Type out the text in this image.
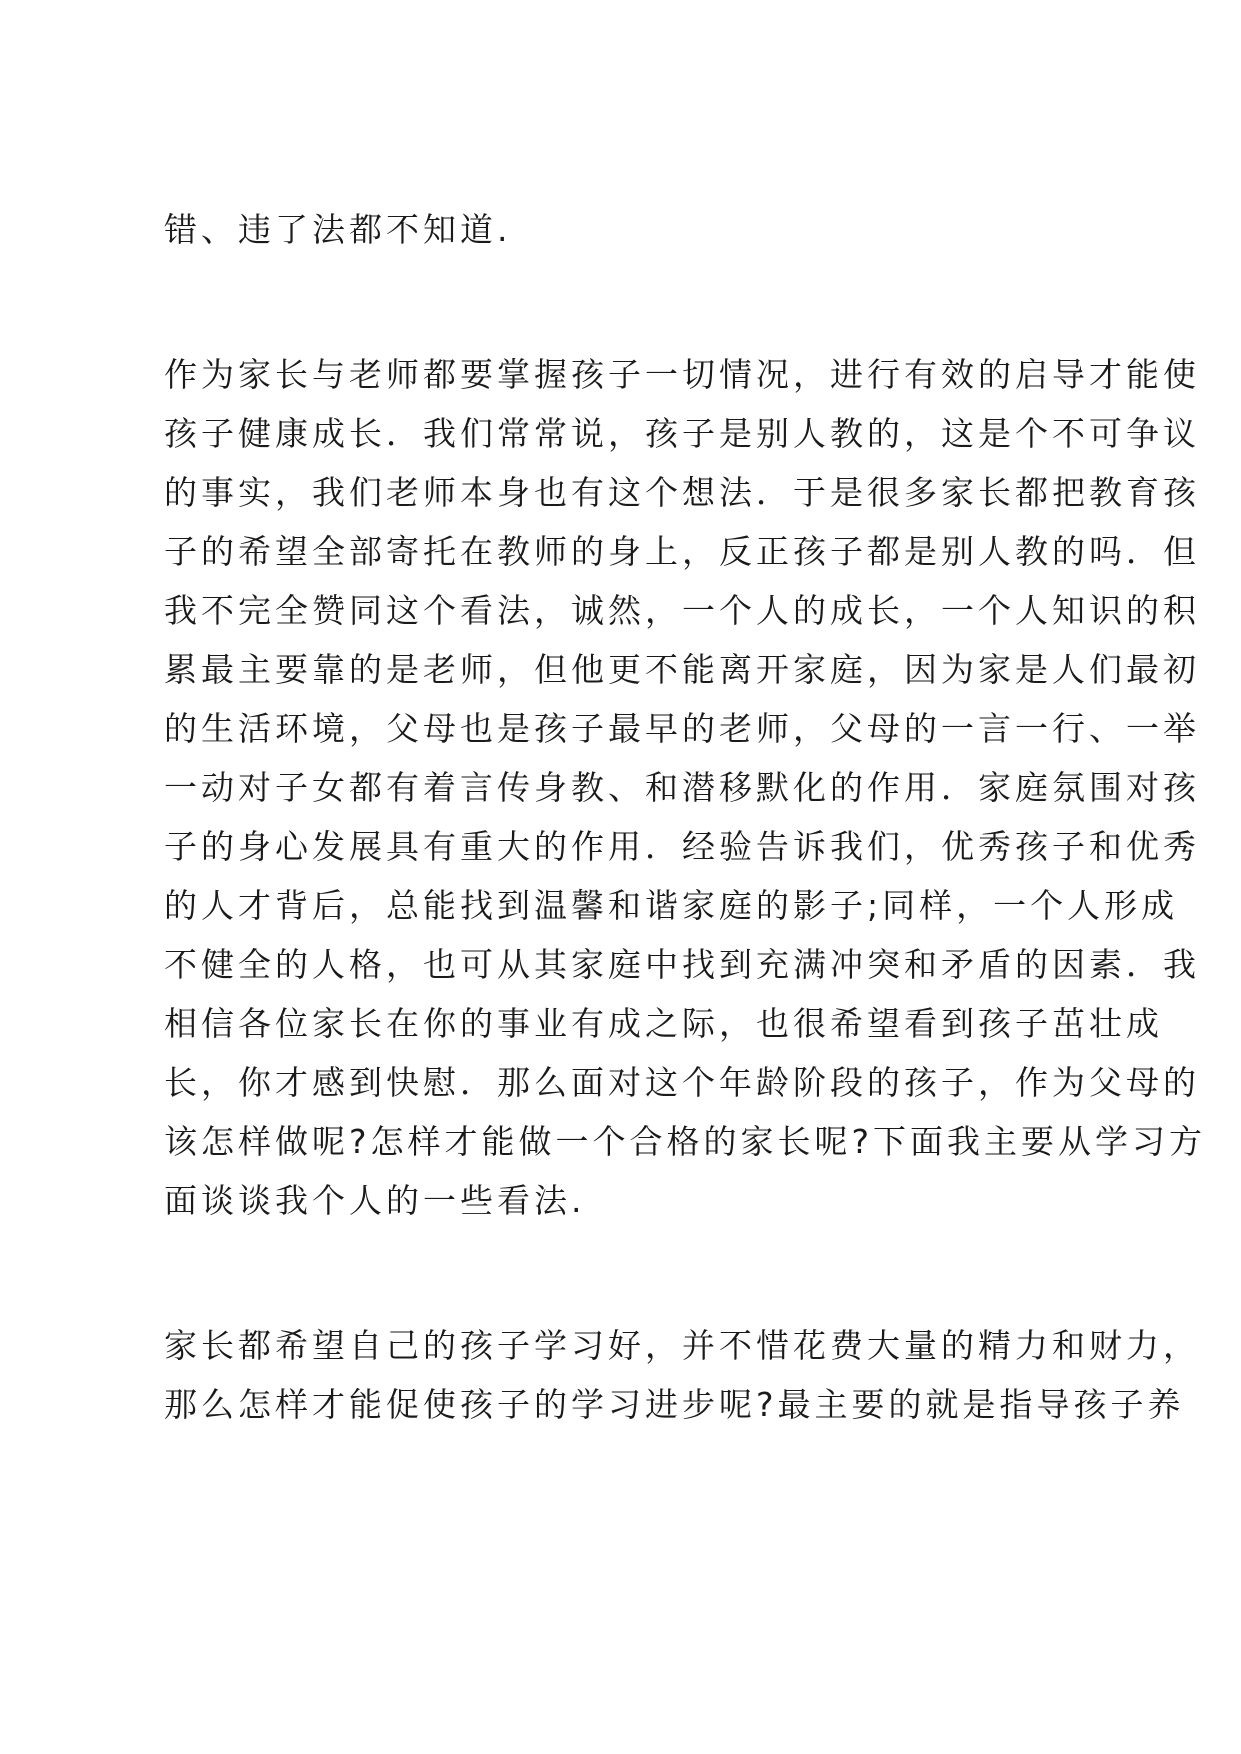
错、违了法都不知道.

作为家长与老师都要掌握孩子一切情况，进行有效的启导才能使

孩子健康成长．我们常常说，孩子是别人教的，这是个不可争议

的事实，我们老师本身也有这个想法．于是很多家长都把教育孩

子的希望全部寄托在教师的身上，反正孩子都是别人教的吗．但

我不完全赞同这个看法，诚然，一个人的成长，一个人知识的积

累最主要靠的是老师，但他更不能离开家庭，因为家是人们最初

的生活环境，父母也是孩子最早的老师，父母的一言一行、一举

一动对子女都有着言传身教、和潜移默化的作用．家庭氛围对孩

子的身心发展具有重大的作用．经验告诉我们，优秀孩子和优秀

的人才背后，总能找到温馨和谐家庭的影子;同样，一个人形成

不健全的人格，也可从其家庭中找到充满冲突和矛盾的因素．我

相信各位家长在你的事业有成之际，也很希望看到孩子茁壮成

长，你才感到快慰．那么面对这个年龄阶段的孩子，作为父母的

该怎样做呢?怎样才能做一个合格的家长呢?下面我主要从学习方

面谈谈我个人的一些看法.

家长都希望自己的孩子学习好，并不惜花费大量的精力和财力，

那么怎样才能促使孩子的学习进步呢?最主要的就是指导孩子养
